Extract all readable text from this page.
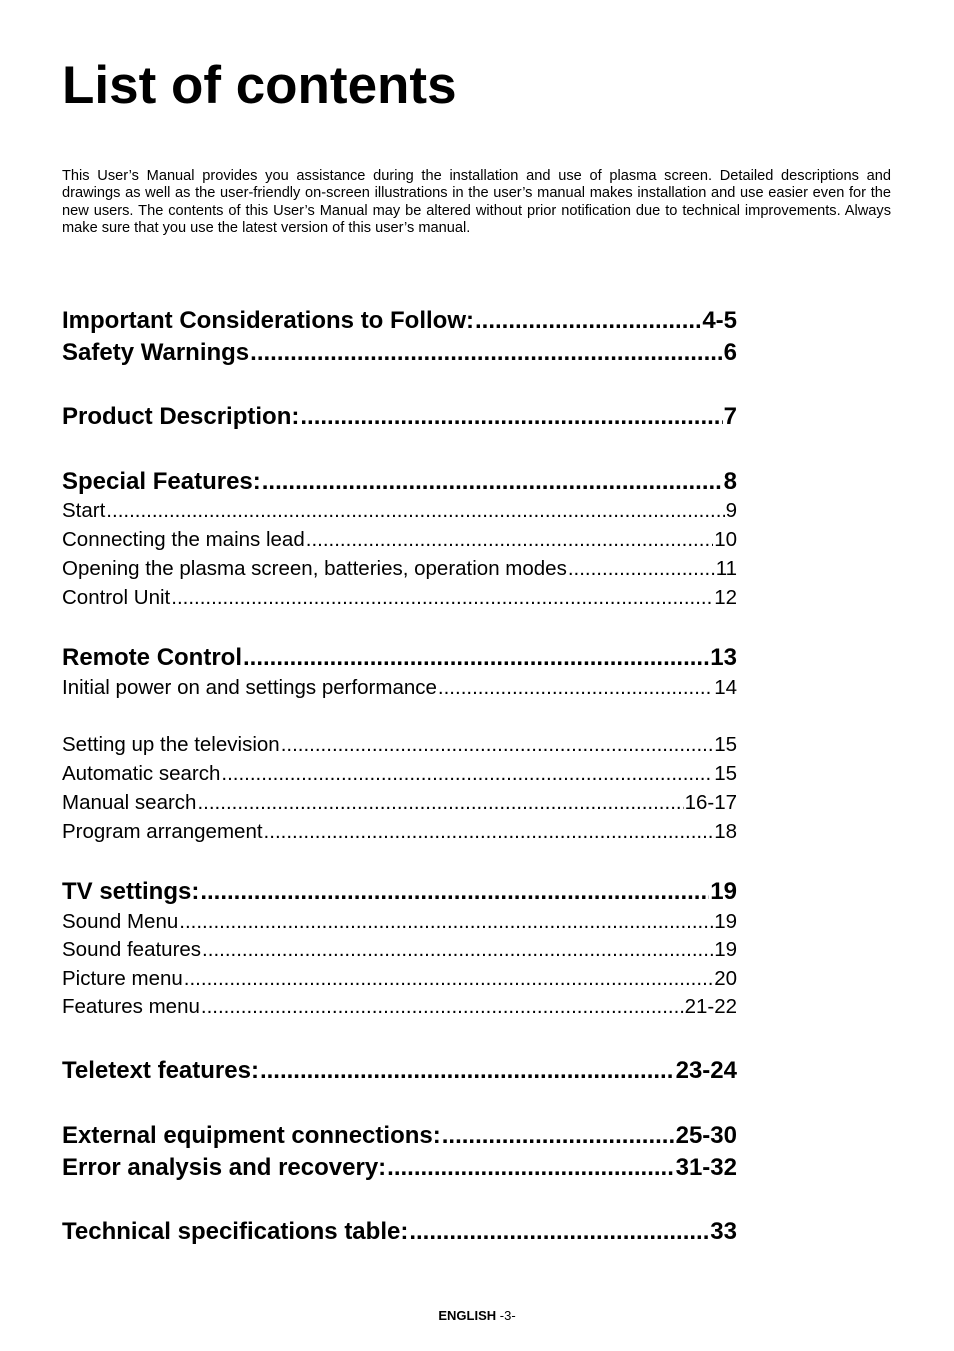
List of contents

This User’s Manual provides you assistance during the installation and use of plasma screen. Detailed descriptions and drawings as well as the user-friendly on-screen illustrations in the user’s manual makes installation and use easier even for the new users. The contents of this User’s Manual may be altered without prior notification due to technical improvements. Always make sure that you use the latest version of this user’s manual.

Important Considerations to Follow: .....	4-5
Safety Warnings .....	6
Product Description: .....	7
Special Features: .....	8
Start .....	9
Connecting the mains lead .....	10
Opening the plasma screen, batteries, operation modes .....	11
Control Unit .....	12
Remote Control .....	13
Initial power on and settings performance .....	14
Setting up the television .....	15
Automatic search .....	15
Manual search .....	16-17
Program arrangement .....	18
TV settings: .....	19
Sound Menu .....	19
Sound features .....	19
Picture menu .....	20
Features menu .....	21-22
Teletext features: .....	23-24
External equipment connections: .....	25-30
Error analysis and recovery: .....	31-32
Technical specifications table: .....	33
ENGLISH -3-
